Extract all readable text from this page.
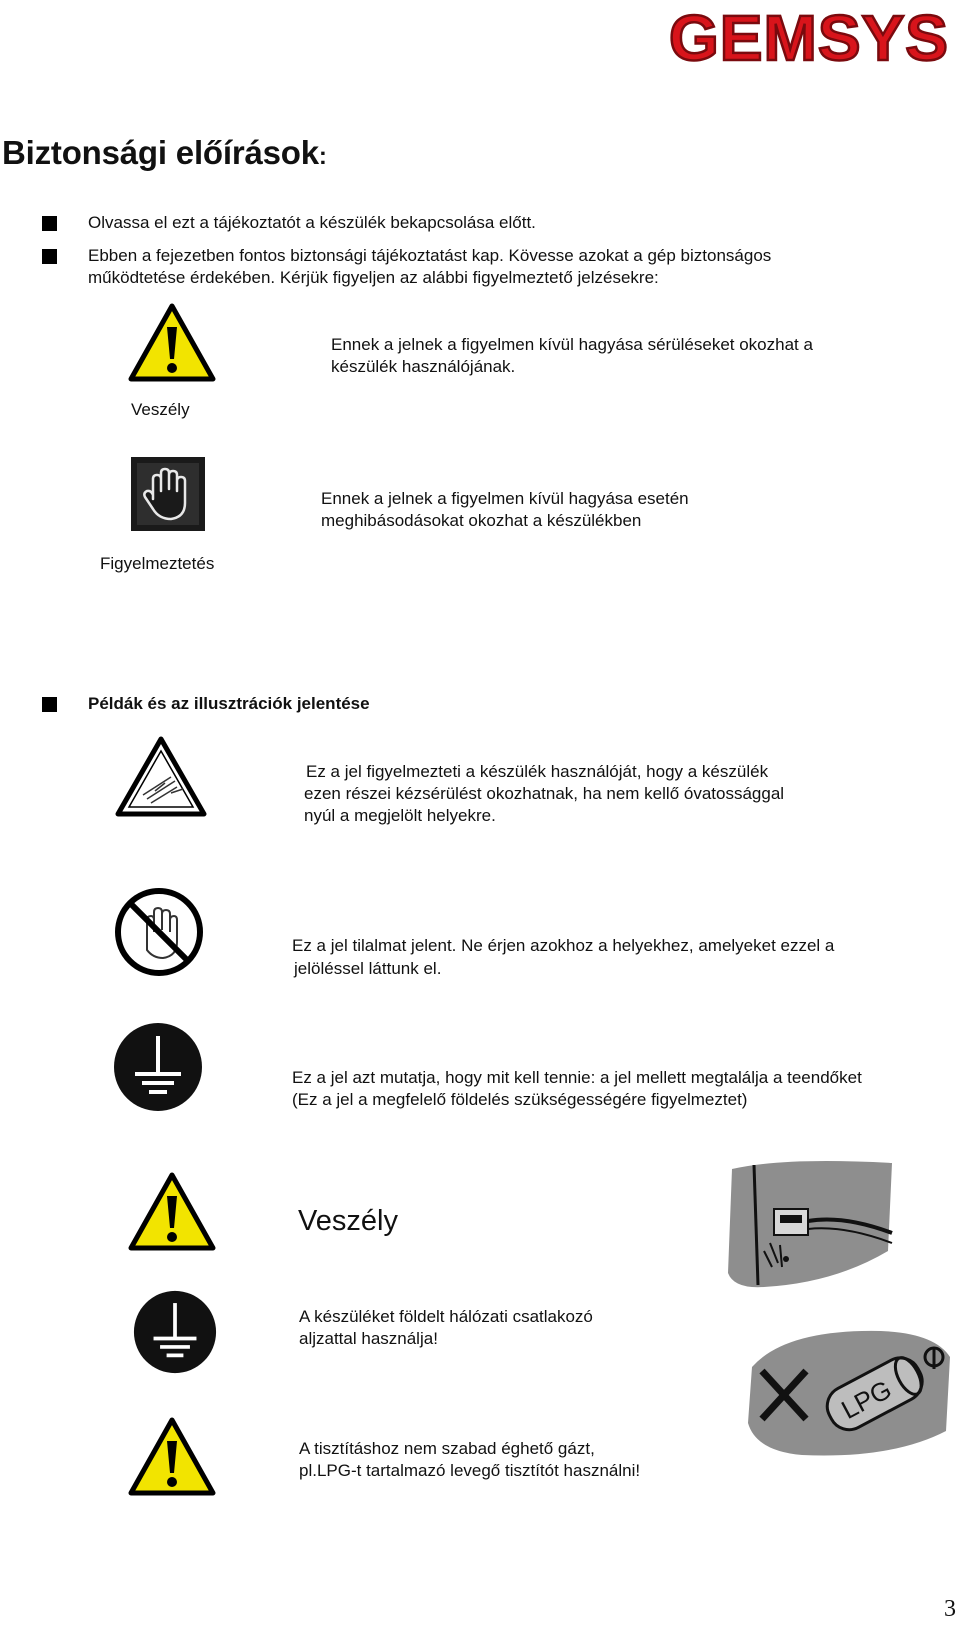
GEMSYS
Biztonsági előírások:
Olvassa el ezt a tájékoztatót a készülék bekapcsolása előtt.
Ebben a fejezetben fontos biztonsági tájékoztatást kap. Kövesse azokat a gép biztonságos
működtetése érdekében. Kérjük figyeljen az alábbi figyelmeztető jelzésekre:
Ennek a jelnek a figyelmen kívül hagyása sérüléseket okozhat a
készülék használójának.
Veszély
Ennek a jelnek a figyelmen kívül hagyása esetén
meghibásodásokat okozhat a készülékben
Figyelmeztetés
Példák és az illusztrációk jelentése
Ez a jel figyelmezteti a készülék használóját, hogy a készülék
ezen részei kézsérülést okozhatnak, ha nem kellő óvatossággal
nyúl a megjelölt helyekre.
Ez a jel tilalmat jelent. Ne érjen azokhoz a helyekhez, amelyeket ezzel a
jelöléssel láttunk el.
Ez a jel azt mutatja, hogy mit kell tennie: a jel mellett megtalálja a teendőket
(Ez a jel a megfelelő földelés szükségességére figyelmeztet)
Veszély
A készüléket földelt hálózati csatlakozó
aljzattal használja!
LPG
A tisztításhoz nem szabad éghető gázt,
pl.LPG-t tartalmazó levegő tisztítót használni!
3
